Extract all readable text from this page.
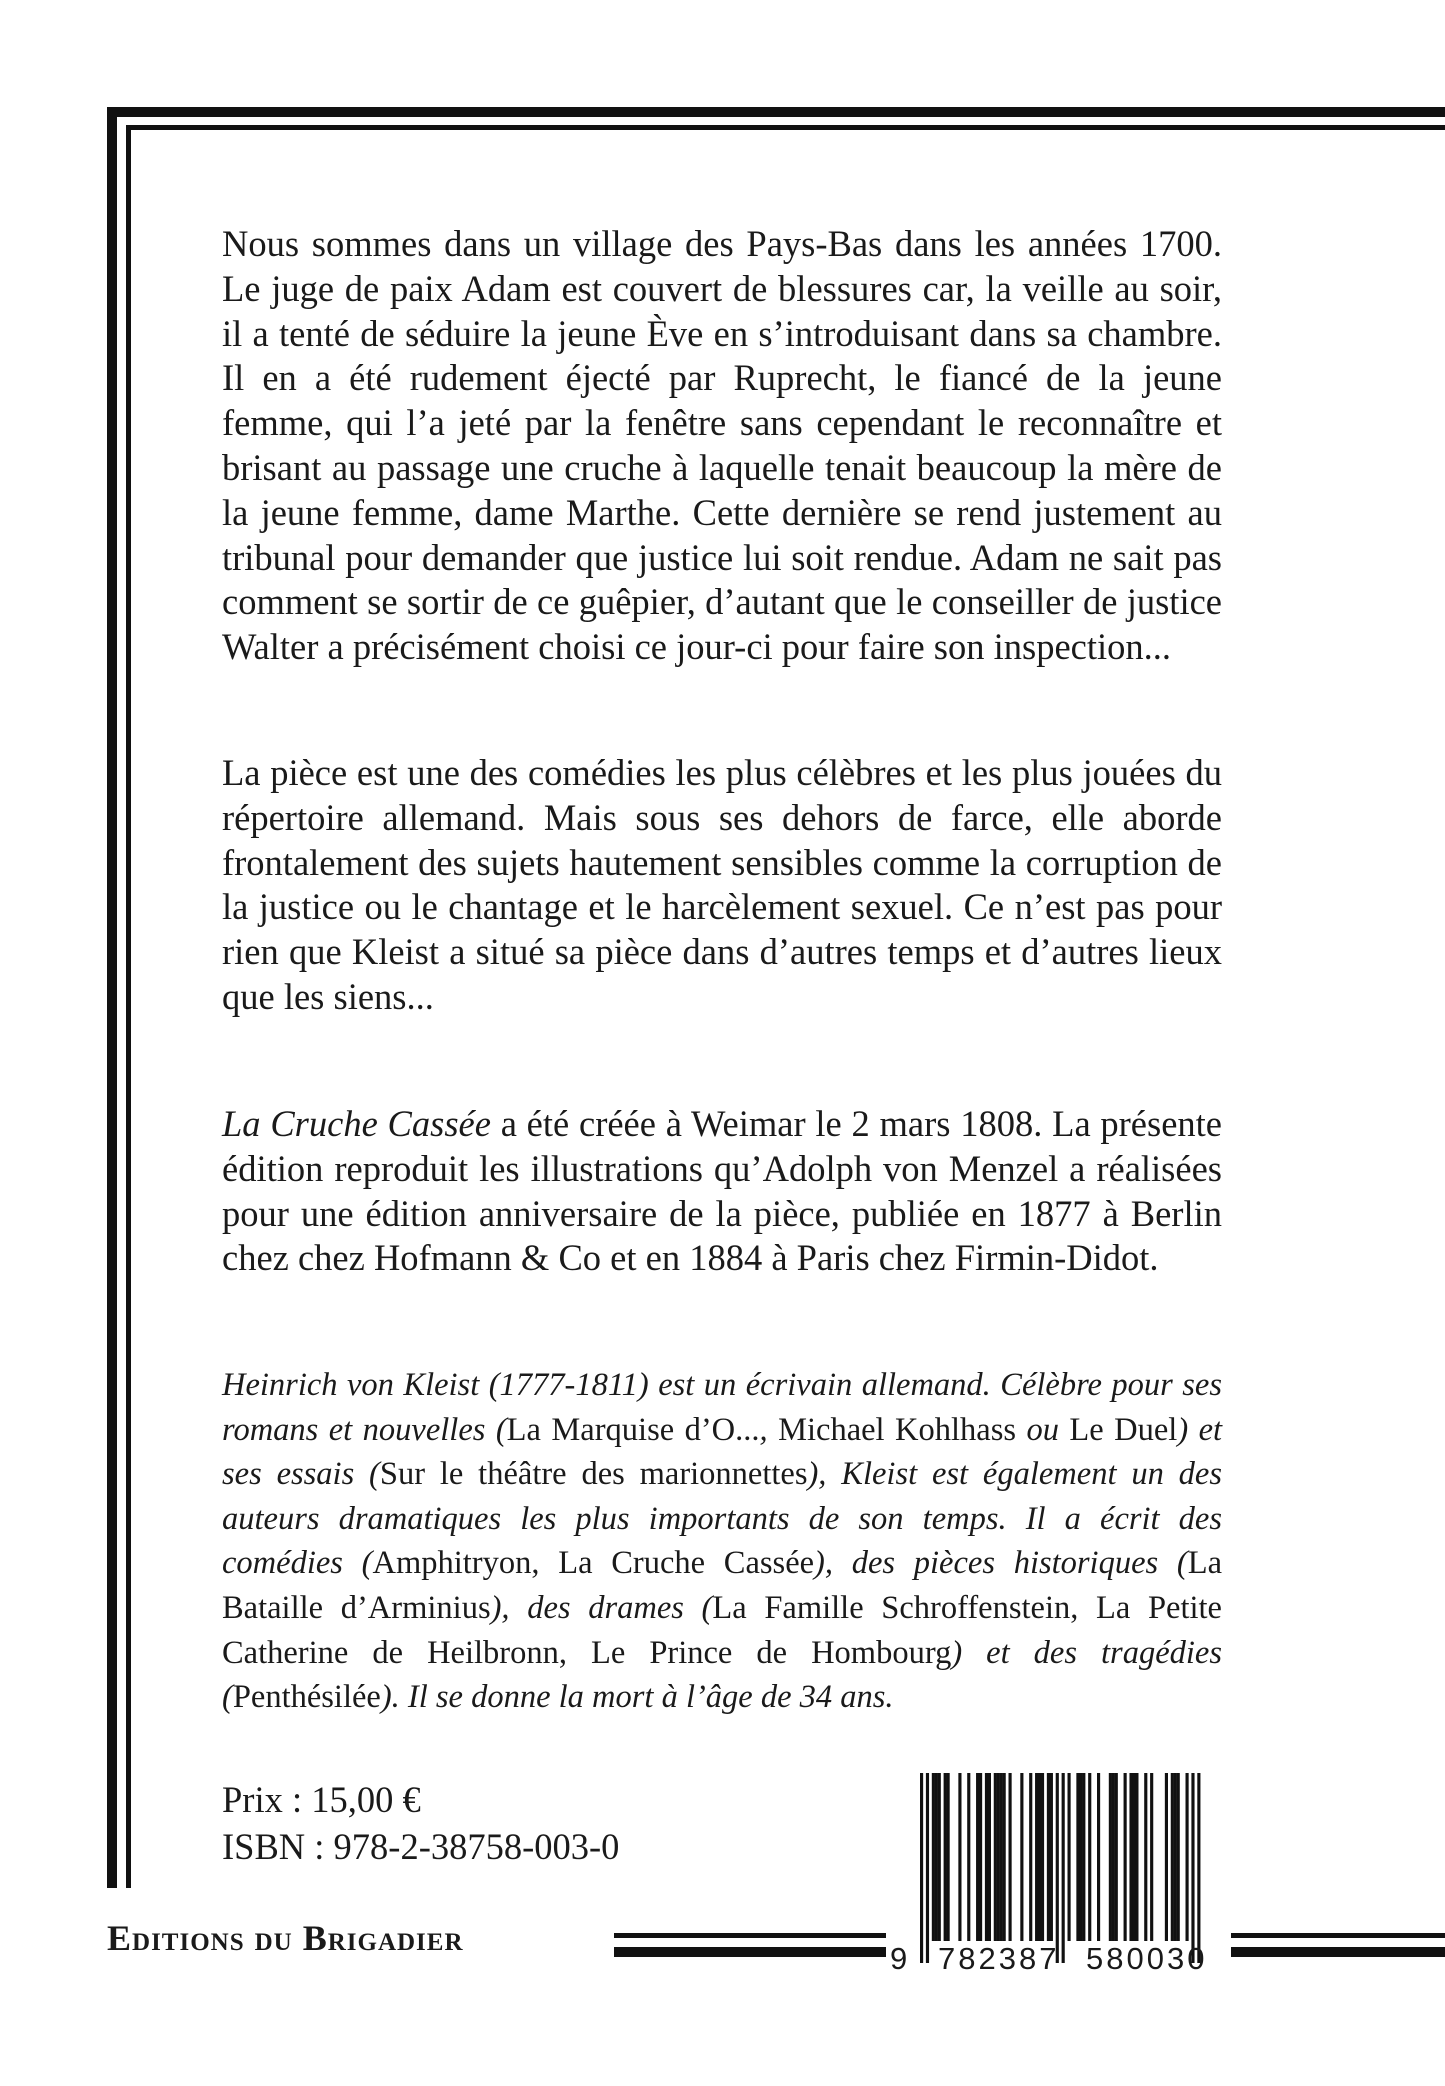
Nous sommes dans un village des Pays-Bas dans les années 1700. Le juge de paix Adam est couvert de blessures car, la veille au soir, il a tenté de séduire la jeune Ève en s’introduisant dans sa chambre. Il en a été rudement éjecté par Ruprecht, le fiancé de la jeune femme, qui l’a jeté par la fenêtre sans cependant le reconnaître et brisant au passage une cruche à laquelle tenait beaucoup la mère de la jeune femme, dame Marthe. Cette dernière se rend justement au tribunal pour demander que justice lui soit rendue. Adam ne sait pas comment se sortir de ce guêpier, d’autant que le conseiller de justice Walter a précisément choisi ce jour-ci pour faire son inspection...

La pièce est une des comédies les plus célèbres et les plus jouées du répertoire allemand. Mais sous ses dehors de farce, elle aborde frontalement des sujets hautement sensibles comme la corruption de la justice ou le chantage et le harcèlement sexuel. Ce n’est pas pour rien que Kleist a situé sa pièce dans d’autres temps et d’autres lieux que les siens...

La Cruche Cassée a été créée à Weimar le 2 mars 1808. La présente édition reproduit les illustrations qu’Adolph von Menzel a réalisées pour une édition anniversaire de la pièce, publiée en 1877 à Berlin chez chez Hofmann & Co et en 1884 à Paris chez Firmin-Didot.

Heinrich von Kleist (1777-1811) est un écrivain allemand. Célèbre pour ses romans et nouvelles (La Marquise d’O..., Michael Kohlhass ou Le Duel) et ses essais (Sur le théâtre des marionnettes), Kleist est également un des auteurs dramatiques les plus importants de son temps. Il a écrit des comédies (Amphitryon, La Cruche Cassée), des pièces historiques (La Bataille d’Arminius), des drames (La Famille Schroffenstein, La Petite Catherine de Heilbronn, Le Prince de Hombourg) et des tragédies (Penthésilée). Il se donne la mort à l’âge de 34 ans.

Prix : 15,00 €
ISBN : 978-2-38758-003-0
9 782387 580030
Editions du Brigadier
